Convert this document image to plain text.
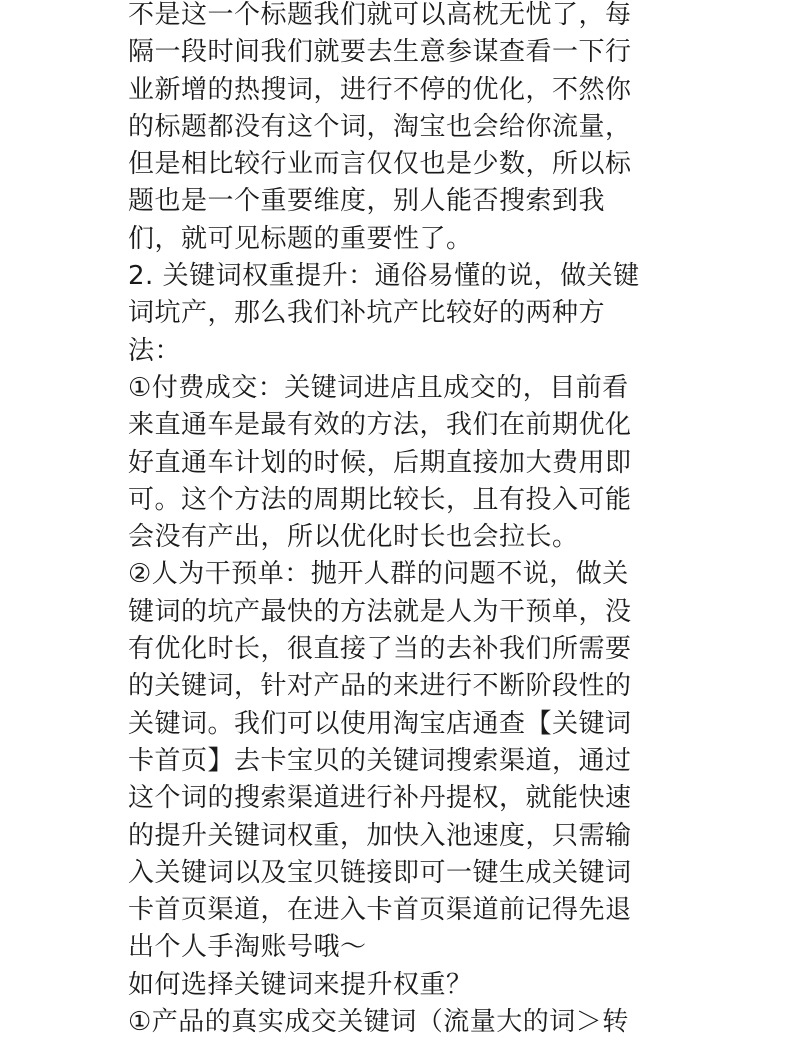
不是这一个标题我们就可以高枕无忧了，每
隔一段时间我们就要去生意参谋查看一下行
业新增的热搜词，进行不停的优化，不然你
的标题都没有这个词，淘宝也会给你流量，
但是相比较行业而言仅仅也是少数，所以标
题也是一个重要维度，别人能否搜索到我
们，就可见标题的重要性了。
2. 关键词权重提升：通俗易懂的说，做关键
词坑产，那么我们补坑产比较好的两种方
法：
①付费成交：关键词进店且成交的，目前看
来直通车是最有效的方法，我们在前期优化
好直通车计划的时候，后期直接加大费用即
可。这个方法的周期比较长，且有投入可能
会没有产出，所以优化时长也会拉长。
②人为干预单：抛开人群的问题不说，做关
键词的坑产最快的方法就是人为干预单，没
有优化时长，很直接了当的去补我们所需要
的关键词，针对产品的来进行不断阶段性的
关键词。我们可以使用淘宝店通查【关键词
卡首页】去卡宝贝的关键词搜索渠道，通过
这个词的搜索渠道进行补丹提权，就能快速
的提升关键词权重，加快入池速度，只需输
入关键词以及宝贝链接即可一键生成关键词
卡首页渠道，在进入卡首页渠道前记得先退
出个人手淘账号哦～
如何选择关键词来提升权重？
①产品的真实成交关键词（流量大的词＞转
